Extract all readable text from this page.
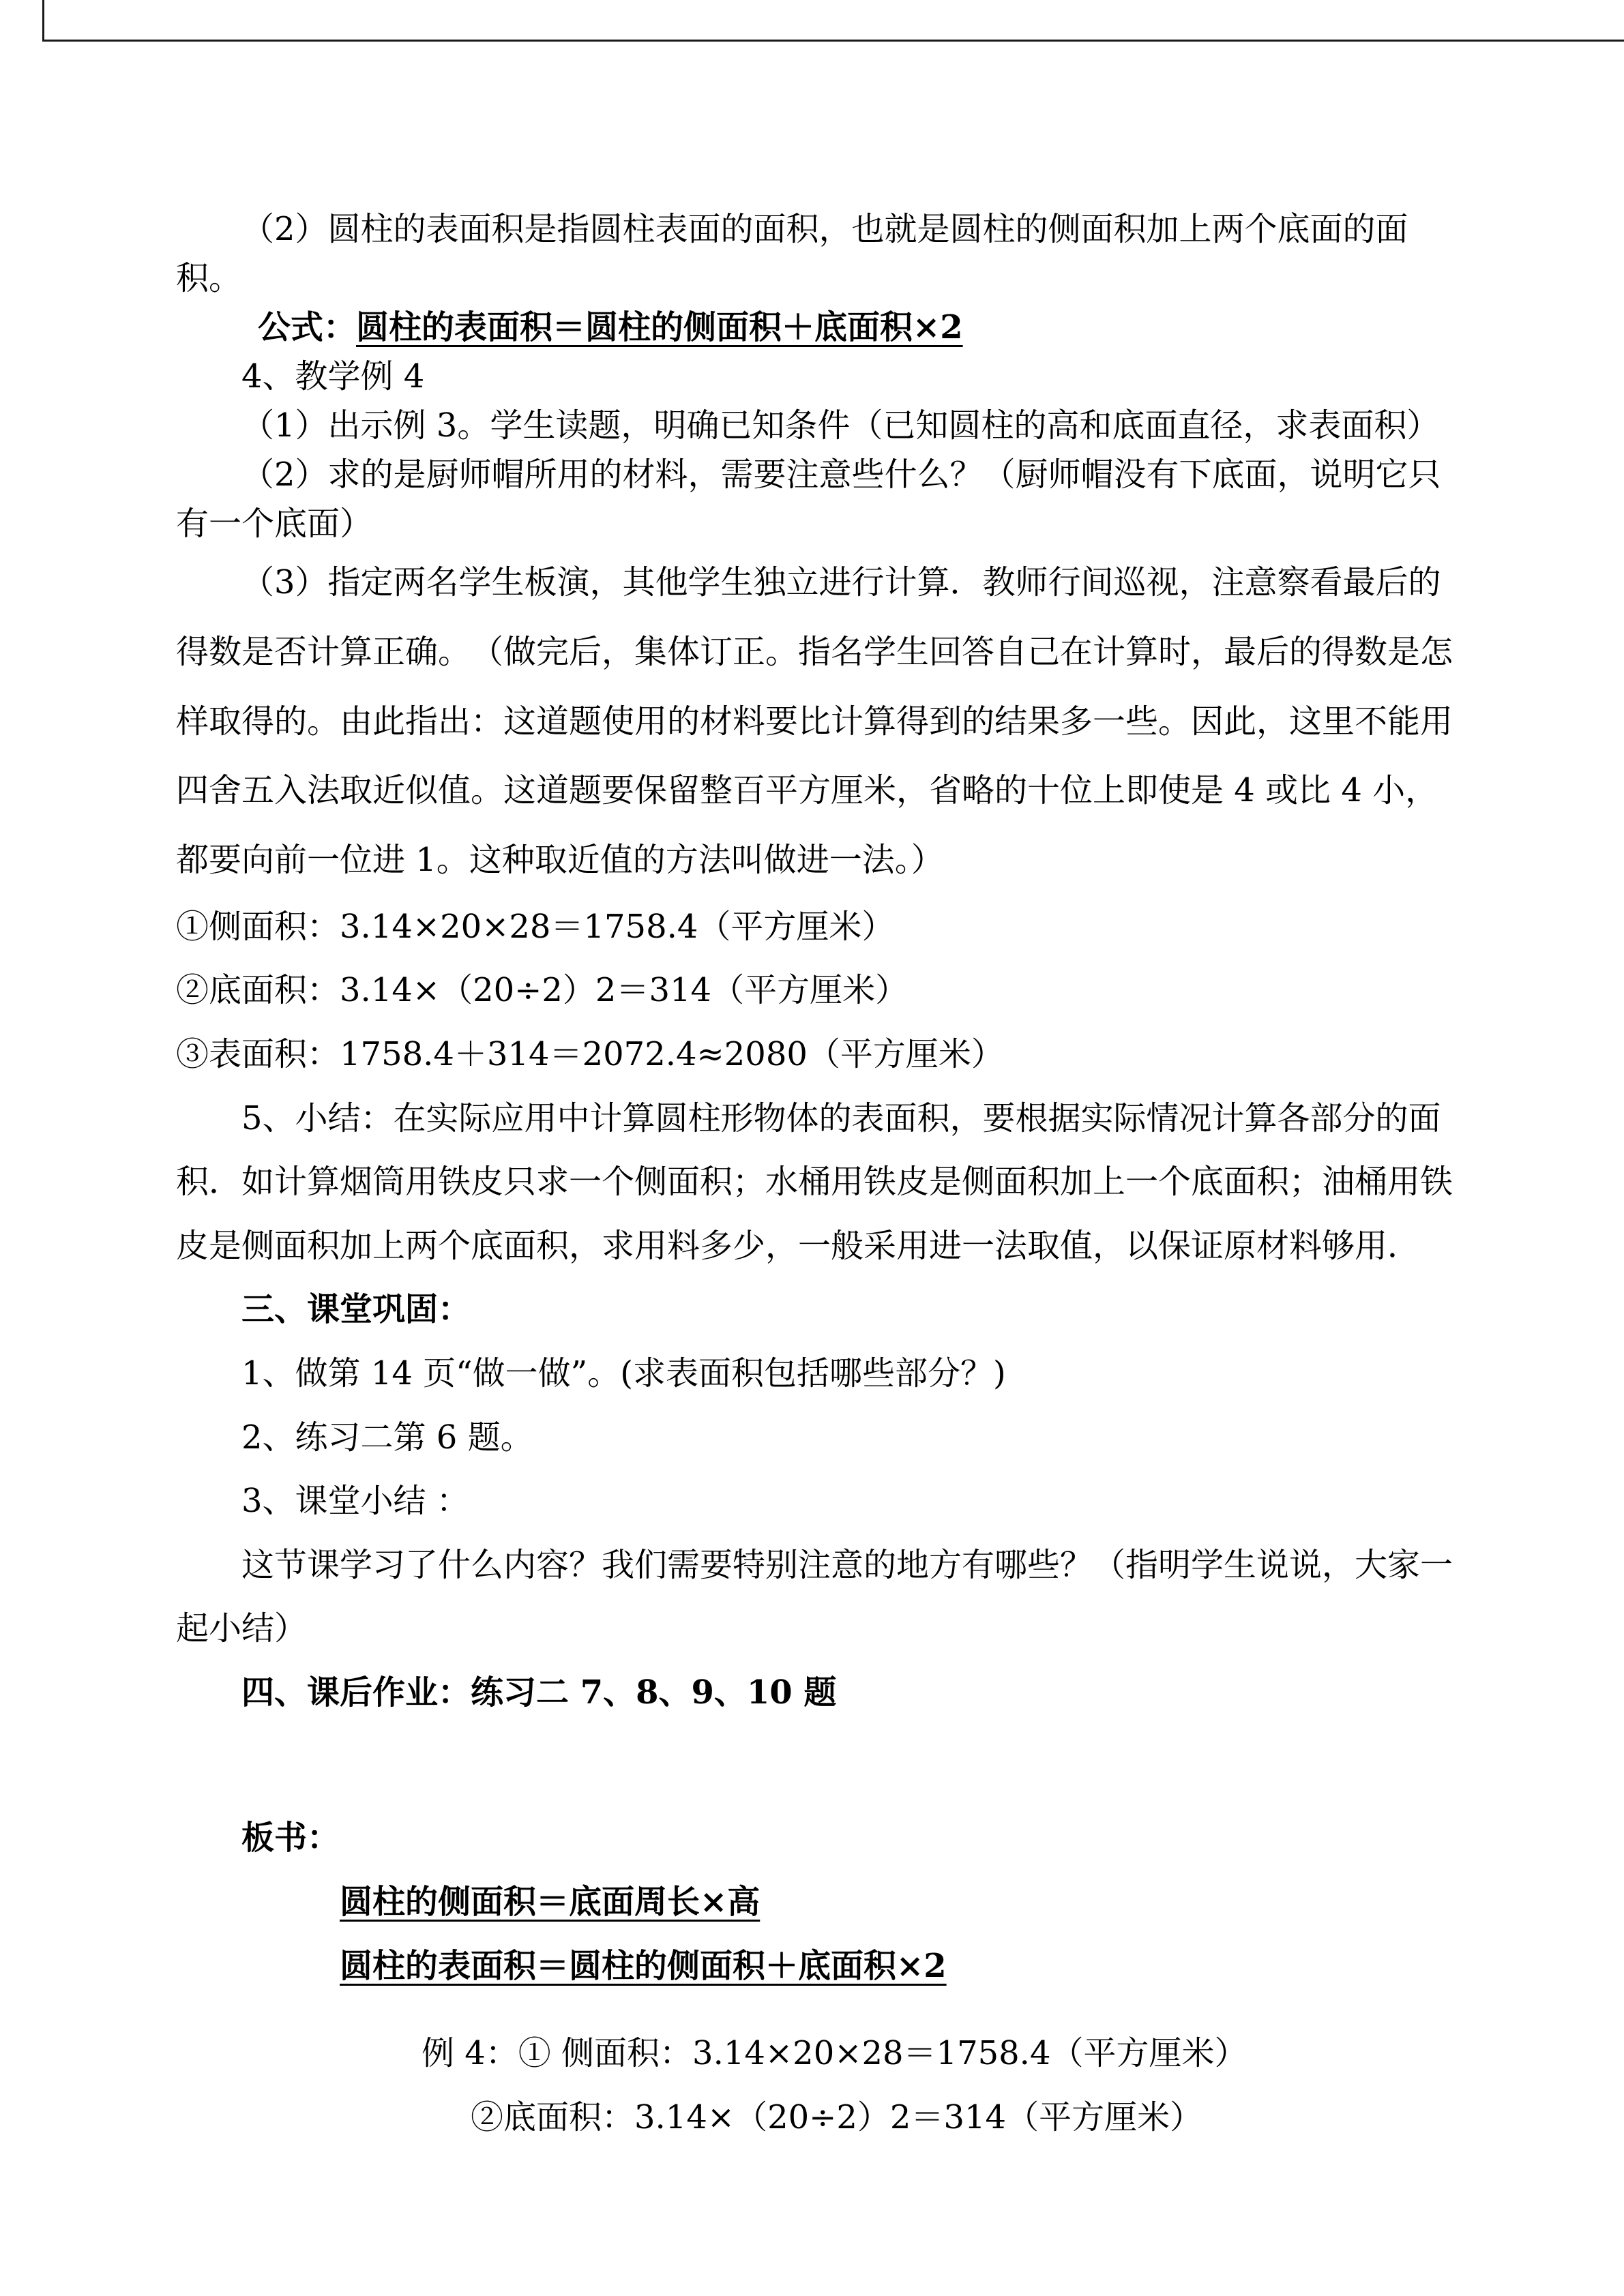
（2）圆柱的表面积是指圆柱表面的面积，也就是圆柱的侧面积加上两个底面的面积。
公式：圆柱的表面积＝圆柱的侧面积＋底面积×2
4、教学例 4
（1）出示例 3。学生读题，明确已知条件（已知圆柱的高和底面直径，求表面积）
（2）求的是厨师帽所用的材料，需要注意些什么？（厨师帽没有下底面，说明它只有一个底面）
（3）指定两名学生板演，其他学生独立进行计算．教师行间巡视，注意察看最后的得数是否计算正确。　（做完后，集体订正。指名学生回答自己在计算时，最后的得数是怎样取得的。由此指出：这道题使用的材料要比计算得到的结果多一些。因此，这里不能用四舍五入法取近似值。这道题要保留整百平方厘米，省略的十位上即使是 4 或比 4 小，都要向前一位进 1。这种取近值的方法叫做进一法。）
①侧面积：3.14×20×28＝1758.4（平方厘米）
②底面积：3.14×（20÷2）2＝314（平方厘米）
③表面积：1758.4＋314＝2072.4≈2080（平方厘米）
5、小结：在实际应用中计算圆柱形物体的表面积，要根据实际情况计算各部分的面积．如计算烟筒用铁皮只求一个侧面积；水桶用铁皮是侧面积加上一个底面积；油桶用铁皮是侧面积加上两个底面积，求用料多少，一般采用进一法取值，以保证原材料够用．
三、课堂巩固：
1、做第 14 页“做一做”。(求表面积包括哪些部分？)
2、练习二第 6 题。
3、课堂小结 ：
这节课学习了什么内容？我们需要特别注意的地方有哪些？（指明学生说说，大家一起小结）
四、课后作业：练习二 7、8、9、10 题
板书：
圆柱的侧面积＝底面周长×高
圆柱的表面积＝圆柱的侧面积＋底面积×2
例 4：① 侧面积：3.14×20×28＝1758.4（平方厘米）
②底面积：3.14×（20÷2）2＝314（平方厘米）
